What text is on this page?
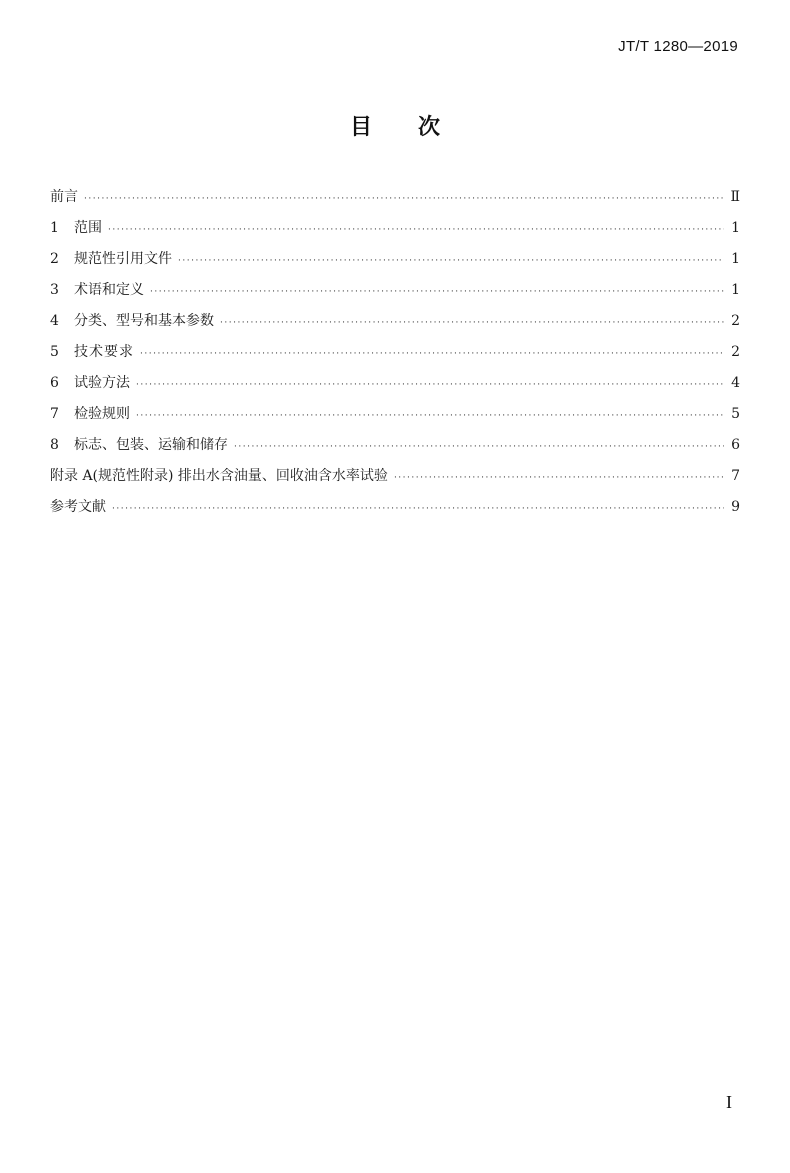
JT/T 1280—2019
目次
前言 ·····	Ⅱ
1	范围 ·····	1
2	规范性引用文件 ·····	1
3	术语和定义 ·····	1
4	分类、型号和基本参数 ·····	2
5	技术要求 ·····	2
6	试验方法 ·····	4
7	检验规则 ·····	5
8	标志、包装、运输和储存 ·····	6
附录 A(规范性附录) 排出水含油量、回收油含水率试验 ·····	7
参考文献 ·····	9
I
